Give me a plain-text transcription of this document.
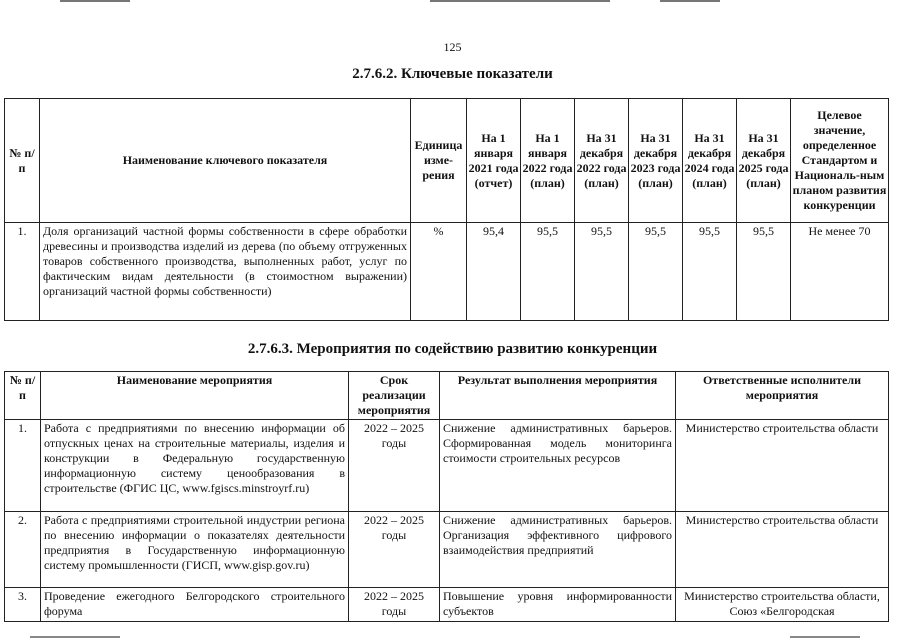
125
2.7.6.2. Ключевые показатели
№ п/п	Наименование ключевого показателя	Единица изме-рения	На 1 января 2021 года (отчет)	На 1 января 2022 года (план)	На 31 декабря 2022 года (план)	На 31 декабря 2023 года (план)	На 31 декабря 2024 года (план)	На 31 декабря 2025 года (план)	Целевое значение, определенное Стандартом и Националь-ным планом развития конкуренции
1.	Доля организаций частной формы собственности в сфере обработки древесины и производства изделий из дерева (по объему отгруженных товаров собственного производства, выполненных работ, услуг по фактическим видам деятельности (в стоимостном выражении) организаций частной формы собственности)	%	95,4	95,5	95,5	95,5	95,5	95,5	Не менее 70
2.7.6.3. Мероприятия по содействию развитию конкуренции
№ п/п	Наименование мероприятия	Срок реализации мероприятия	Результат выполнения мероприятия	Ответственные исполнители мероприятия
1.	Работа с предприятиями по внесению информации об отпускных ценах на строительные материалы, изделия и конструкции в Федеральную государственную информационную систему ценообразования в строительстве (ФГИС ЦС, www.fgiscs.minstroyrf.ru)	2022 – 2025 годы	Снижение административных барьеров. Сформированная модель мониторинга стоимости строительных ресурсов	Министерство строительства области
2.	Работа с предприятиями строительной индустрии региона по внесению информации о показателях деятельности предприятия в Государственную информационную систему промышленности (ГИСП, www.gisp.gov.ru)	2022 – 2025 годы	Снижение административных барьеров. Организация эффективного цифрового взаимодействия предприятий	Министерство строительства области
3.	Проведение ежегодного Белгородского строительного форума	2022 – 2025 годы	Повышение уровня информированности субъектов	Министерство строительства области, Союз «Белгородская
